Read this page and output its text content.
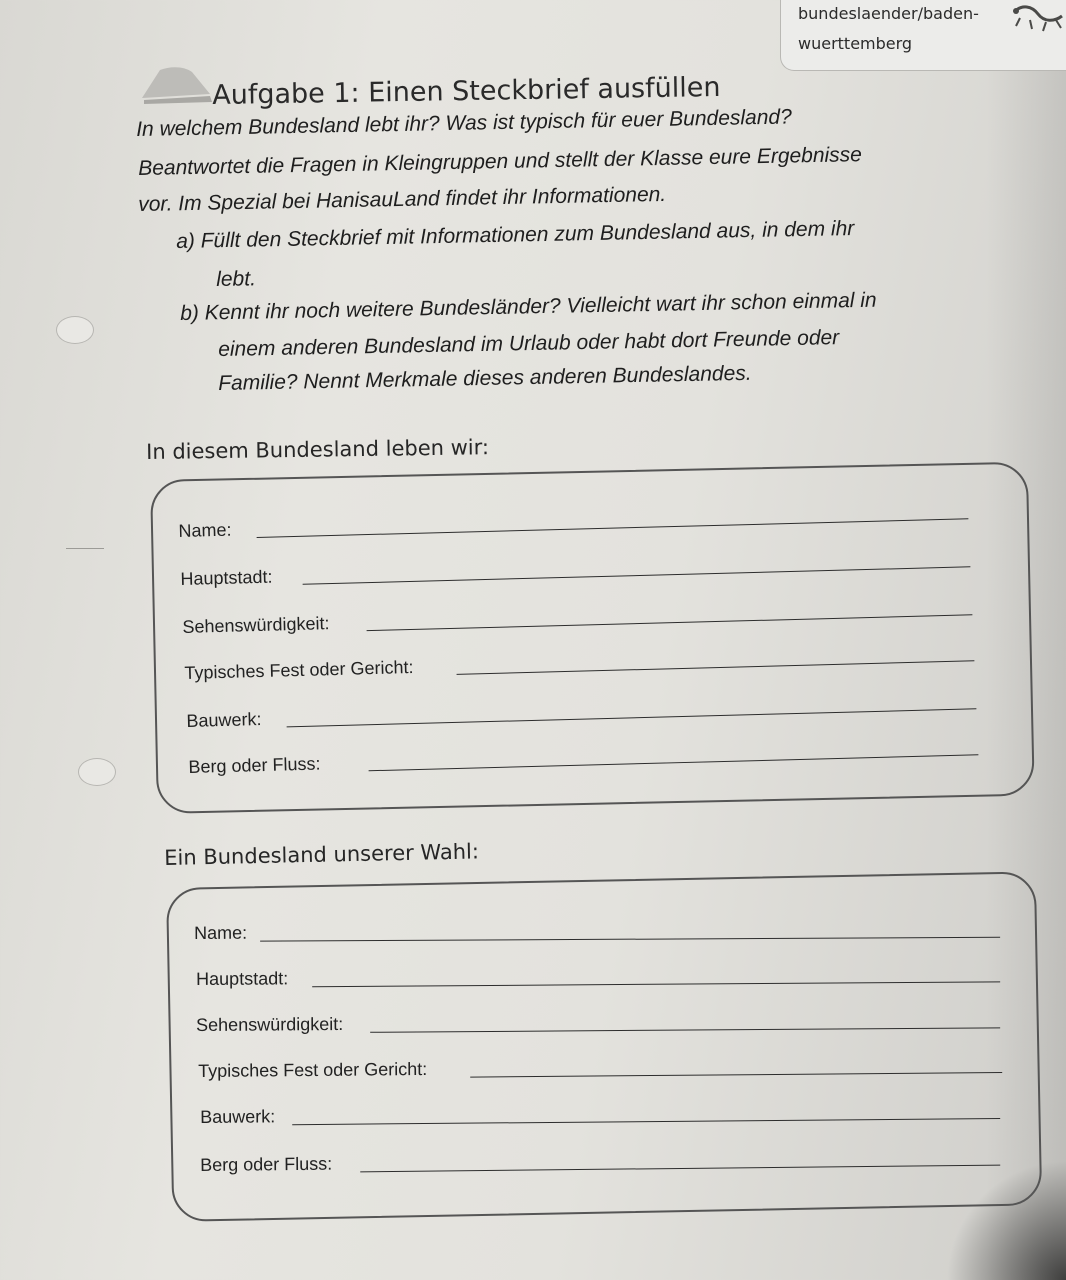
bundeslaender/baden-
wuerttemberg
Aufgabe 1: Einen Steckbrief ausfüllen
In welchem Bundesland lebt ihr? Was ist typisch für euer Bundesland?
Beantwortet die Fragen in Kleingruppen und stellt der Klasse eure Ergebnisse
vor. Im Spezial bei HanisauLand findet ihr Informationen.
a) Füllt den Steckbrief mit Informationen zum Bundesland aus, in dem ihr
lebt.
b) Kennt ihr noch weitere Bundesländer? Vielleicht wart ihr schon einmal in
einem anderen Bundesland im Urlaub oder habt dort Freunde oder
Familie? Nennt Merkmale dieses anderen Bundeslandes.
In diesem Bundesland leben wir:
Name:
Hauptstadt:
Sehenswürdigkeit:
Typisches Fest oder Gericht:
Bauwerk:
Berg oder Fluss:
Ein Bundesland unserer Wahl:
Name:
Hauptstadt:
Sehenswürdigkeit:
Typisches Fest oder Gericht:
Bauwerk:
Berg oder Fluss:
